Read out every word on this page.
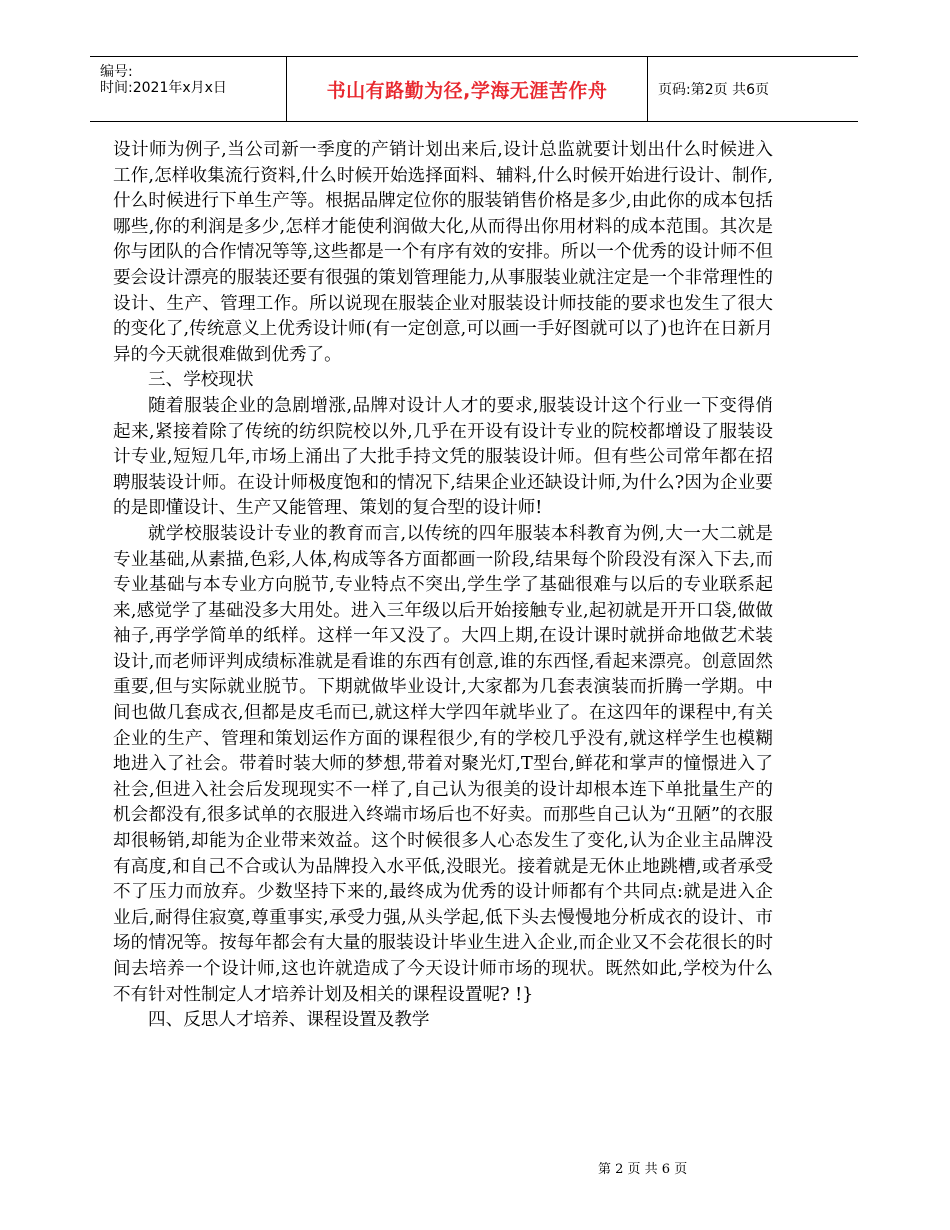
编号:
时间:2021年x月x日	书山有路勤为径,学海无涯苦作舟	页码:第2页 共6页

设计师为例子,当公司新一季度的产销计划出来后,设计总监就要计划出什么时候进入工作,怎样收集流行资料,什么时候开始选择面料、辅料,什么时候开始进行设计、制作,什么时候进行下单生产等。根据品牌定位你的服装销售价格是多少,由此你的成本包括哪些,你的利润是多少,怎样才能使利润做大化,从而得出你用材料的成本范围。其次是你与团队的合作情况等等,这些都是一个有序有效的安排。所以一个优秀的设计师不但要会设计漂亮的服装还要有很强的策划管理能力,从事服装业就注定是一个非常理性的设计、生产、管理工作。所以说现在服装企业对服装设计师技能的要求也发生了很大的变化了,传统意义上优秀设计师(有一定创意,可以画一手好图就可以了)也许在日新月异的今天就很难做到优秀了。

三、学校现状

随着服装企业的急剧增涨,品牌对设计人才的要求,服装设计这个行业一下变得俏起来,紧接着除了传统的纺织院校以外,几乎在开设有设计专业的院校都增设了服装设计专业,短短几年,市场上涌出了大批手持文凭的服装设计师。但有些公司常年都在招聘服装设计师。在设计师极度饱和的情况下,结果企业还缺设计师,为什么?因为企业要的是即懂设计、生产又能管理、策划的复合型的设计师!

就学校服装设计专业的教育而言,以传统的四年服装本科教育为例,大一大二就是专业基础,从素描,色彩,人体,构成等各方面都画一阶段,结果每个阶段没有深入下去,而专业基础与本专业方向脱节,专业特点不突出,学生学了基础很难与以后的专业联系起来,感觉学了基础没多大用处。进入三年级以后开始接触专业,起初就是开开口袋,做做袖子,再学学简单的纸样。这样一年又没了。大四上期,在设计课时就拼命地做艺术装设计,而老师评判成绩标准就是看谁的东西有创意,谁的东西怪,看起来漂亮。创意固然重要,但与实际就业脱节。下期就做毕业设计,大家都为几套表演装而折腾一学期。中间也做几套成衣,但都是皮毛而已,就这样大学四年就毕业了。在这四年的课程中,有关企业的生产、管理和策划运作方面的课程很少,有的学校几乎没有,就这样学生也模糊地进入了社会。带着时装大师的梦想,带着对聚光灯,T型台,鲜花和掌声的憧憬进入了社会,但进入社会后发现现实不一样了,自己认为很美的设计却根本连下单批量生产的机会都没有,很多试单的衣服进入终端市场后也不好卖。而那些自己认为“丑陋”的衣服却很畅销,却能为企业带来效益。这个时候很多人心态发生了变化,认为企业主品牌没有高度,和自己不合或认为品牌投入水平低,没眼光。接着就是无休止地跳槽,或者承受不了压力而放弃。少数坚持下来的,最终成为优秀的设计师都有个共同点:就是进入企业后,耐得住寂寞,尊重事实,承受力强,从头学起,低下头去慢慢地分析成衣的设计、市场的情况等。按每年都会有大量的服装设计毕业生进入企业,而企业又不会花很长的时间去培养一个设计师,这也许就造成了今天设计师市场的现状。既然如此,学校为什么不有针对性制定人才培养计划及相关的课程设置呢? !}

四、反思人才培养、课程设置及教学

第 2 页 共 6 页
